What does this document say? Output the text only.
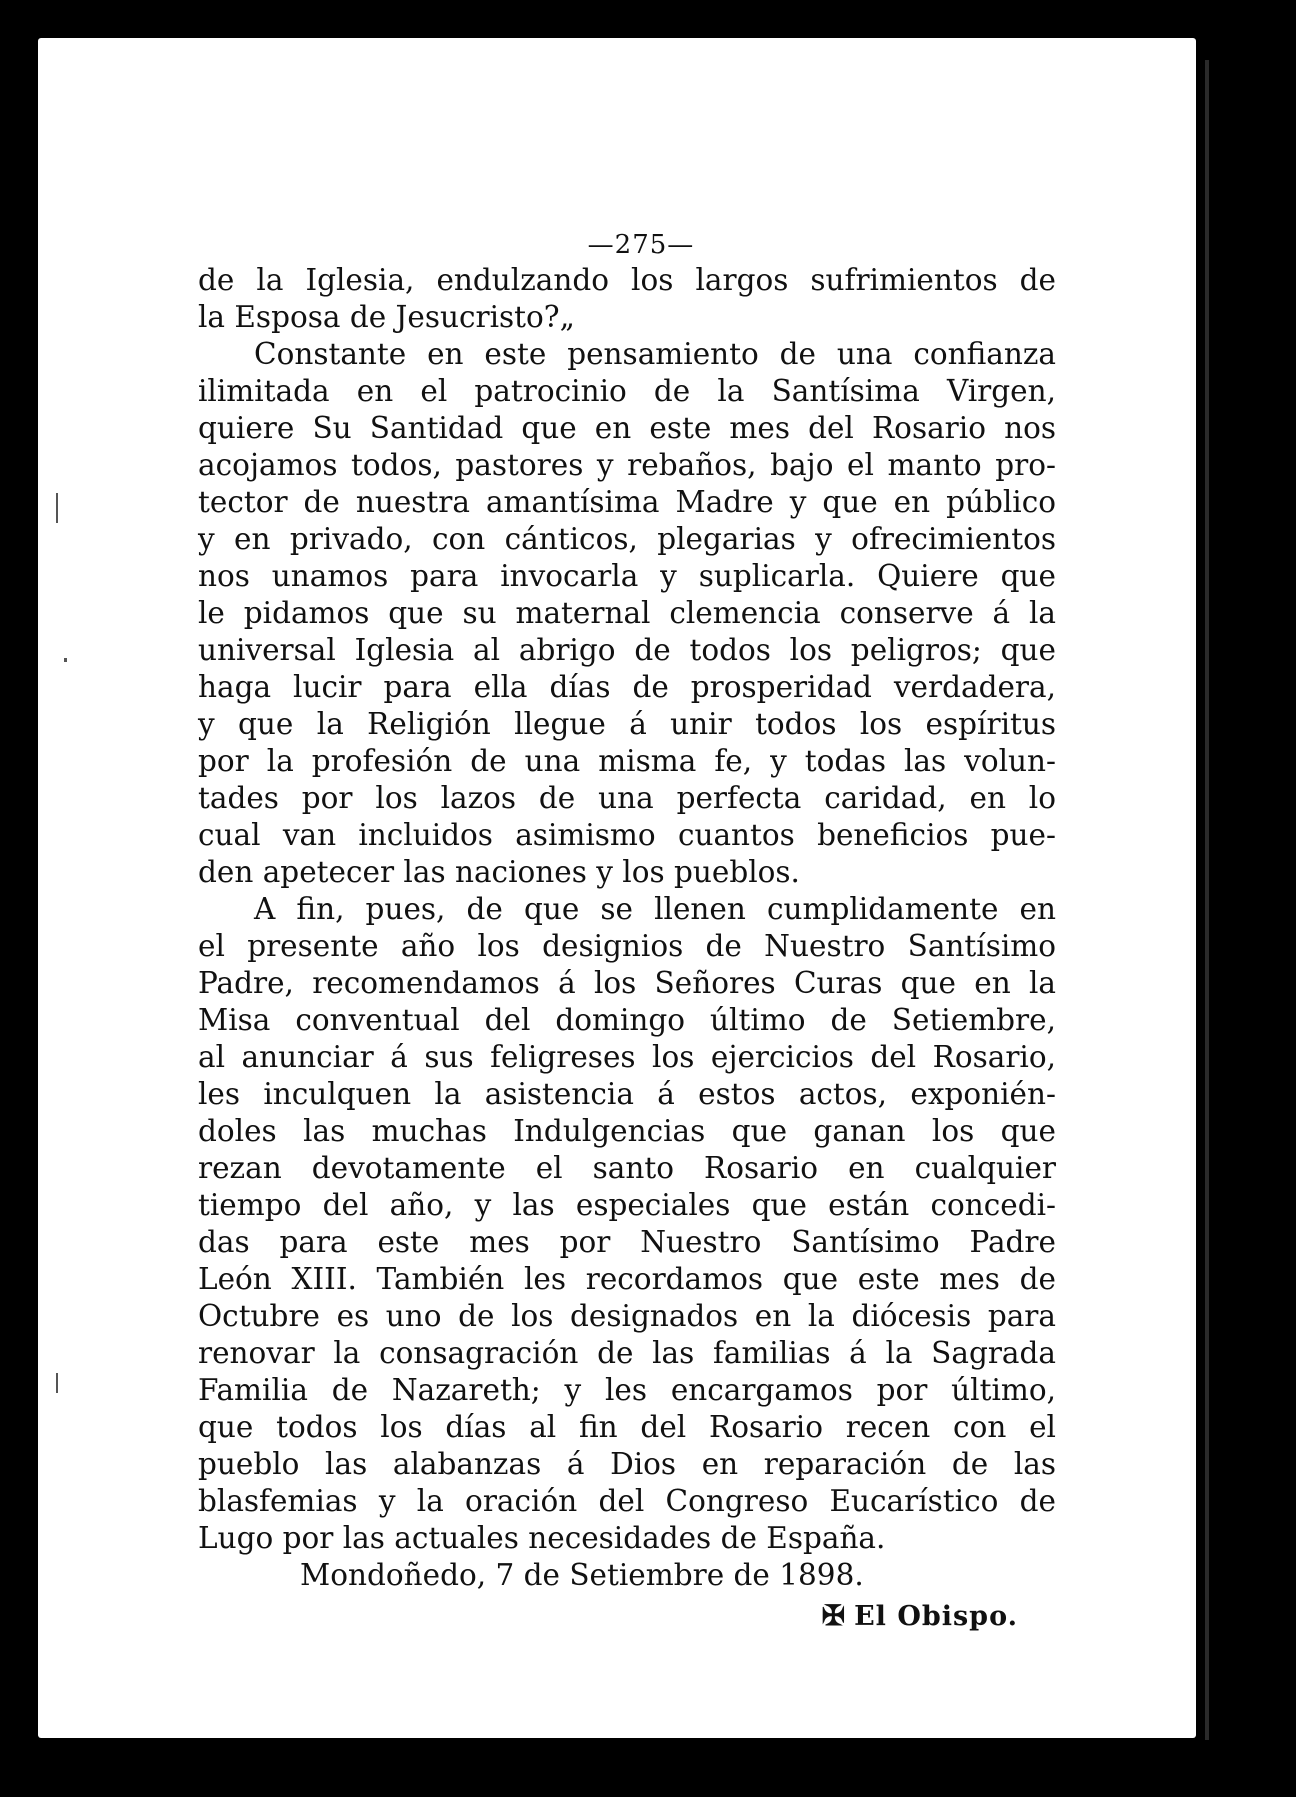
—275—

de la Iglesia, endulzando los largos sufrimientos de
la Esposa de Jesucristo?„

Constante en este pensamiento de una confianza
ilimitada en el patrocinio de la Santísima Virgen,
quiere Su Santidad que en este mes del Rosario nos
acojamos todos, pastores y rebaños, bajo el manto pro-
tector de nuestra amantísima Madre y que en público
y en privado, con cánticos, plegarias y ofrecimientos
nos unamos para invocarla y suplicarla. Quiere que
le pidamos que su maternal clemencia conserve á la
universal Iglesia al abrigo de todos los peligros; que
haga lucir para ella días de prosperidad verdadera,
y que la Religión llegue á unir todos los espíritus
por la profesión de una misma fe, y todas las volun-
tades por los lazos de una perfecta caridad, en lo
cual van incluidos asimismo cuantos beneficios pue-
den apetecer las naciones y los pueblos.

A fin, pues, de que se llenen cumplidamente en
el presente año los designios de Nuestro Santísimo
Padre, recomendamos á los Señores Curas que en la
Misa conventual del domingo último de Setiembre,
al anunciar á sus feligreses los ejercicios del Rosario,
les inculquen la asistencia á estos actos, exponién-
doles las muchas Indulgencias que ganan los que
rezan devotamente el santo Rosario en cualquier
tiempo del año, y las especiales que están concedi-
das para este mes por Nuestro Santísimo Padre
León XIII. También les recordamos que este mes de
Octubre es uno de los designados en la diócesis para
renovar la consagración de las familias á la Sagrada
Familia de Nazareth; y les encargamos por último,
que todos los días al fin del Rosario recen con el
pueblo las alabanzas á Dios en reparación de las
blasfemias y la oración del Congreso Eucarístico de
Lugo por las actuales necesidades de España.

Mondoñedo, 7 de Setiembre de 1898.
✠ El Obispo.
